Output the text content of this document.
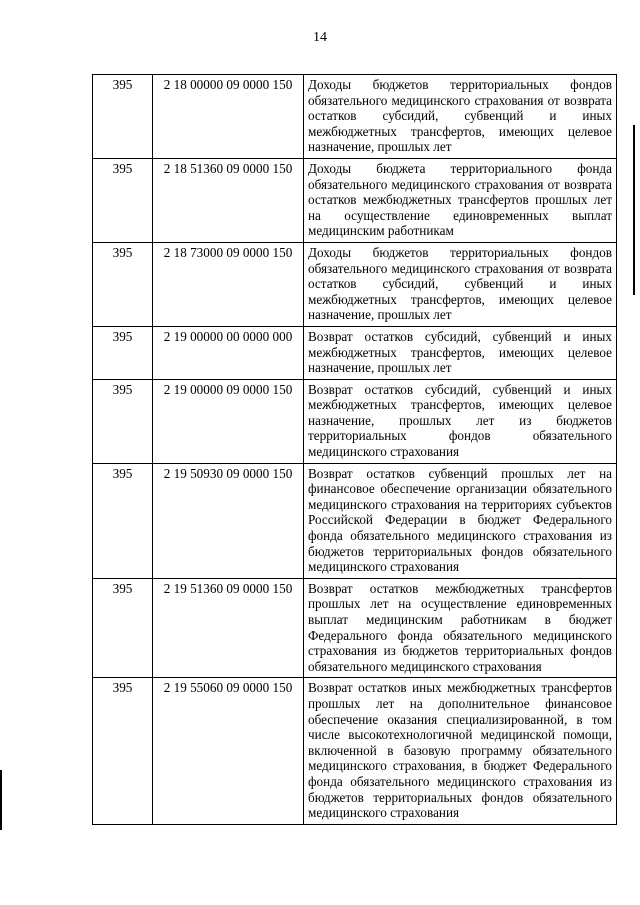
14
395	2 18 00000 09 0000 150	Доходы бюджетов территориальных фондов обязательного медицинского страхования от возврата остатков субсидий, субвенций и иных межбюджетных трансфертов, имеющих целевое назначение, прошлых лет
395	2 18 51360 09 0000 150	Доходы бюджета территориального фонда обязательного медицинского страхования от возврата остатков межбюджетных трансфертов прошлых лет на осуществление единовременных выплат медицинским работникам
395	2 18 73000 09 0000 150	Доходы бюджетов территориальных фондов обязательного медицинского страхования от возврата остатков субсидий, субвенций и иных межбюджетных трансфертов, имеющих целевое назначение, прошлых лет
395	2 19 00000 00 0000 000	Возврат остатков субсидий, субвенций и иных межбюджетных трансфертов, имеющих целевое назначение, прошлых лет
395	2 19 00000 09 0000 150	Возврат остатков субсидий, субвенций и иных межбюджетных трансфертов, имеющих целевое назначение, прошлых лет из бюджетов территориальных фондов обязательного медицинского страхования
395	2 19 50930 09 0000 150	Возврат остатков субвенций прошлых лет на финансовое обеспечение организации обязательного медицинского страхования на территориях субъектов Российской Федерации в бюджет Федерального фонда обязательного медицинского страхования из бюджетов территориальных фондов обязательного медицинского страхования
395	2 19 51360 09 0000 150	Возврат остатков межбюджетных трансфертов прошлых лет на осуществление единовременных выплат медицинским работникам в бюджет Федерального фонда обязательного медицинского страхования из бюджетов территориальных фондов обязательного медицинского страхования
395	2 19 55060 09 0000 150	Возврат остатков иных межбюджетных трансфертов прошлых лет на дополнительное финансовое обеспечение оказания специализированной, в том числе высокотехнологичной медицинской помощи, включенной в базовую программу обязательного медицинского страхования, в бюджет Федерального фонда обязательного медицинского страхования из бюджетов территориальных фондов обязательного медицинского страхования
